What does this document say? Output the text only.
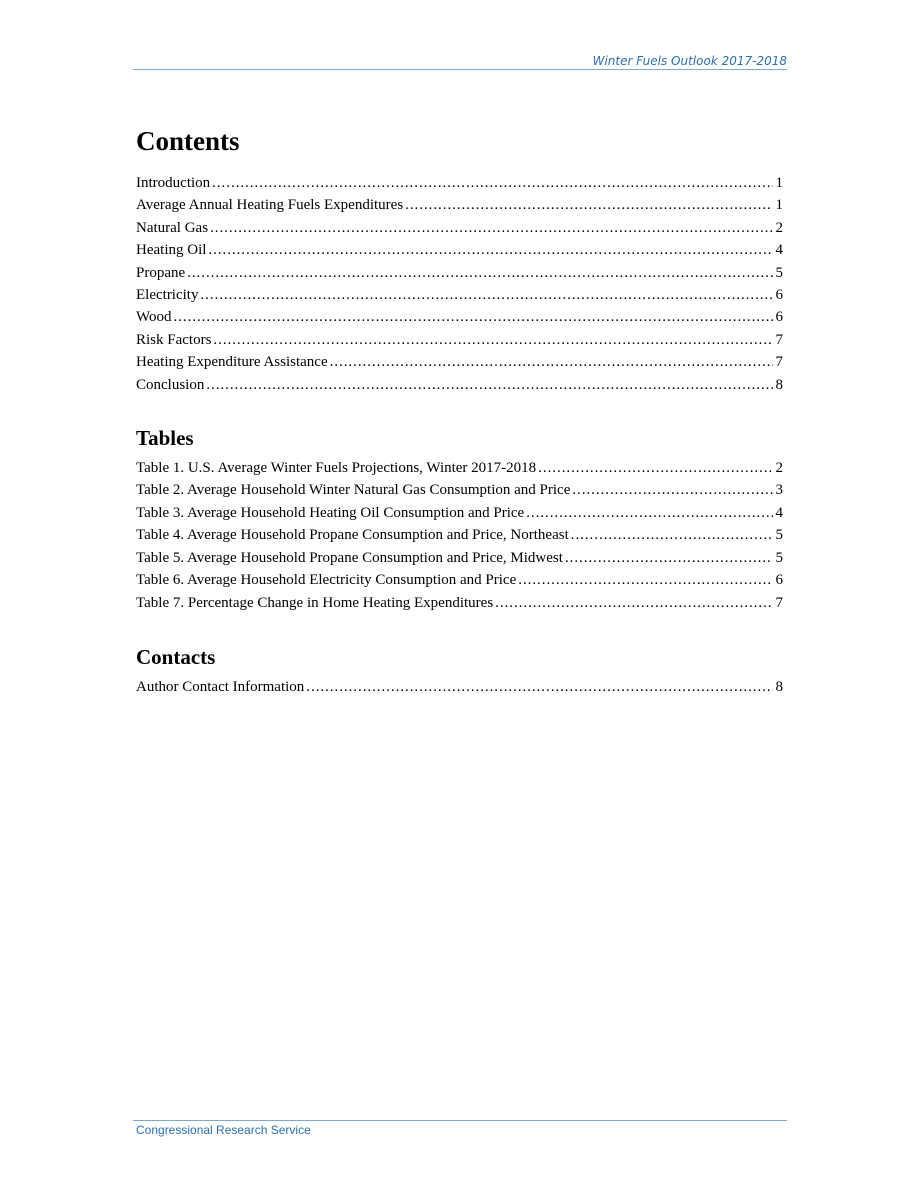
Winter Fuels Outlook 2017-2018
Contents
Introduction . . .	1
Average Annual Heating Fuels Expenditures . . .	1
Natural Gas . . .	2
Heating Oil . . .	4
Propane . . .	5
Electricity . . .	6
Wood . . .	6
Risk Factors . . .	7
Heating Expenditure Assistance . . .	7
Conclusion . . .	8
Tables
Table 1. U.S. Average Winter Fuels Projections, Winter 2017-2018 . . .	2
Table 2. Average Household Winter Natural Gas Consumption and Price . . .	3
Table 3. Average Household Heating Oil Consumption and Price . . .	4
Table 4. Average Household Propane Consumption and Price, Northeast . . .	5
Table 5. Average Household Propane Consumption and Price, Midwest . . .	5
Table 6. Average Household Electricity Consumption and Price . . .	6
Table 7. Percentage Change in Home Heating Expenditures . . .	7
Contacts
Author Contact Information . . .	8
Congressional Research Service
